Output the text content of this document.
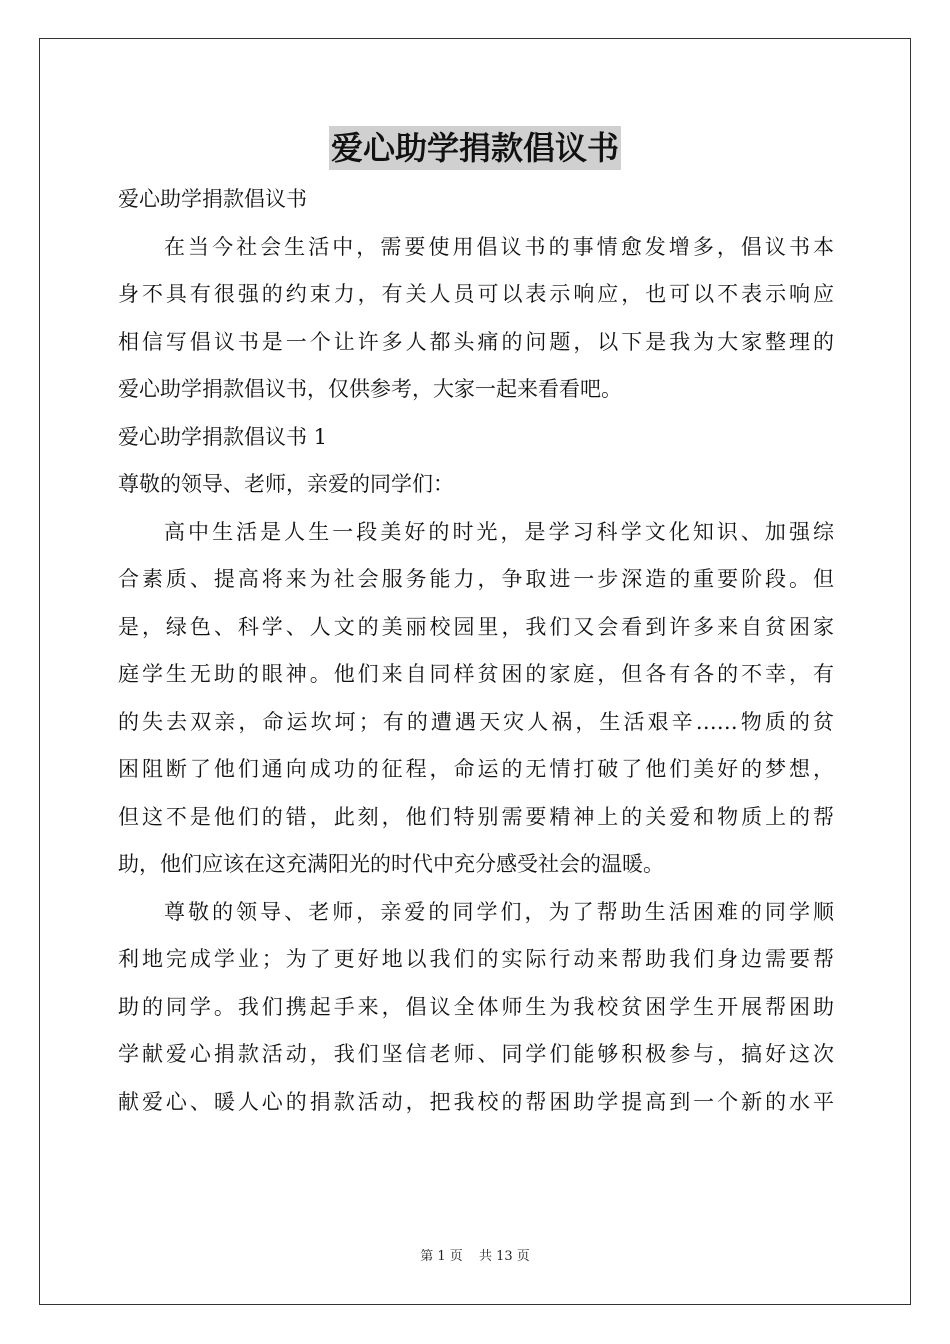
爱心助学捐款倡议书
爱心助学捐款倡议书
在当今社会生活中，需要使用倡议书的事情愈发增多，倡议书本
身不具有很强的约束力，有关人员可以表示响应，也可以不表示响应
相信写倡议书是一个让许多人都头痛的问题，以下是我为大家整理的
爱心助学捐款倡议书，仅供参考，大家一起来看看吧。
爱心助学捐款倡议书 1
尊敬的领导、老师，亲爱的同学们：
高中生活是人生一段美好的时光，是学习科学文化知识、加强综
合素质、提高将来为社会服务能力，争取进一步深造的重要阶段。但
是，绿色、科学、人文的美丽校园里，我们又会看到许多来自贫困家
庭学生无助的眼神。他们来自同样贫困的家庭，但各有各的不幸，有
的失去双亲，命运坎坷；有的遭遇天灾人祸，生活艰辛……物质的贫
困阻断了他们通向成功的征程，命运的无情打破了他们美好的梦想，
但这不是他们的错，此刻，他们特别需要精神上的关爱和物质上的帮
助，他们应该在这充满阳光的时代中充分感受社会的温暖。
尊敬的领导、老师，亲爱的同学们，为了帮助生活困难的同学顺
利地完成学业；为了更好地以我们的实际行动来帮助我们身边需要帮
助的同学。我们携起手来，倡议全体师生为我校贫困学生开展帮困助
学献爱心捐款活动，我们坚信老师、同学们能够积极参与，搞好这次
献爱心、暖人心的捐款活动，把我校的帮困助学提高到一个新的水平
第 1 页 共 13 页
